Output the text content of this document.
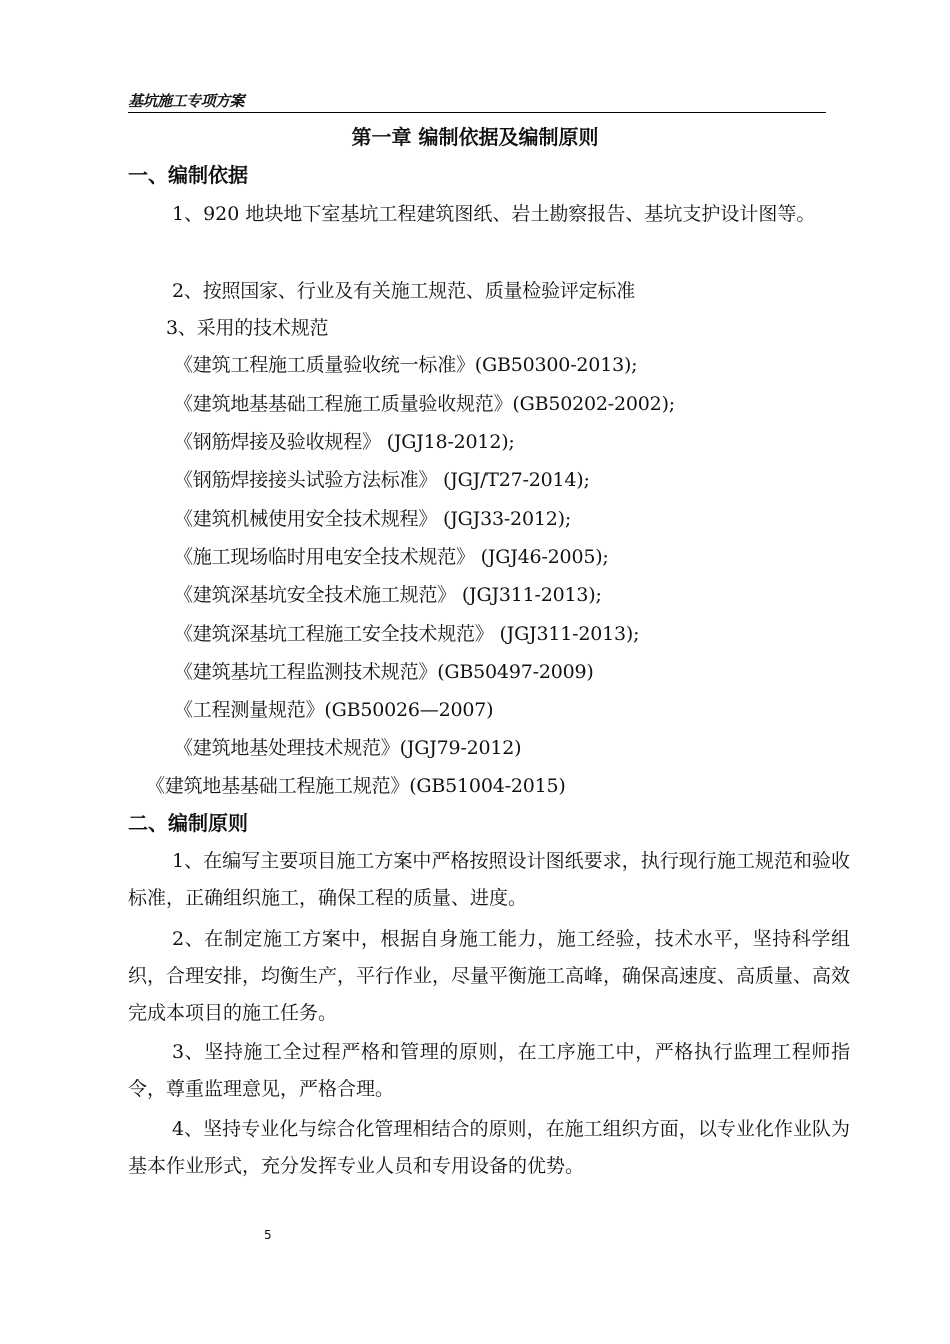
基坑施工专项方案
第一章 编制依据及编制原则
一、编制依据
1、920 地块地下室基坑工程建筑图纸、岩土勘察报告、基坑支护设计图等。
2、按照国家、行业及有关施工规范、质量检验评定标准
3、采用的技术规范
《建筑工程施工质量验收统一标准》(GB50300-2013);
《建筑地基基础工程施工质量验收规范》(GB50202-2002);
《钢筋焊接及验收规程》 (JGJ18-2012);
《钢筋焊接接头试验方法标准》 (JGJ/T27-2014);
《建筑机械使用安全技术规程》 (JGJ33-2012);
《施工现场临时用电安全技术规范》 (JGJ46-2005);
《建筑深基坑安全技术施工规范》 (JGJ311-2013);
《建筑深基坑工程施工安全技术规范》 (JGJ311-2013);
《建筑基坑工程监测技术规范》(GB50497-2009)
《工程测量规范》(GB50026—2007)
《建筑地基处理技术规范》(JGJ79-2012)
《建筑地基基础工程施工规范》(GB51004-2015)
二、编制原则
1、在编写主要项目施工方案中严格按照设计图纸要求，执行现行施工规范和验收标准，正确组织施工，确保工程的质量、进度。
2、在制定施工方案中，根据自身施工能力，施工经验，技术水平，坚持科学组织，合理安排，均衡生产，平行作业，尽量平衡施工高峰，确保高速度、高质量、高效完成本项目的施工任务。
3、坚持施工全过程严格和管理的原则，在工序施工中，严格执行监理工程师指令，尊重监理意见，严格合理。
4、坚持专业化与综合化管理相结合的原则，在施工组织方面，以专业化作业队为基本作业形式，充分发挥专业人员和专用设备的优势。
5
